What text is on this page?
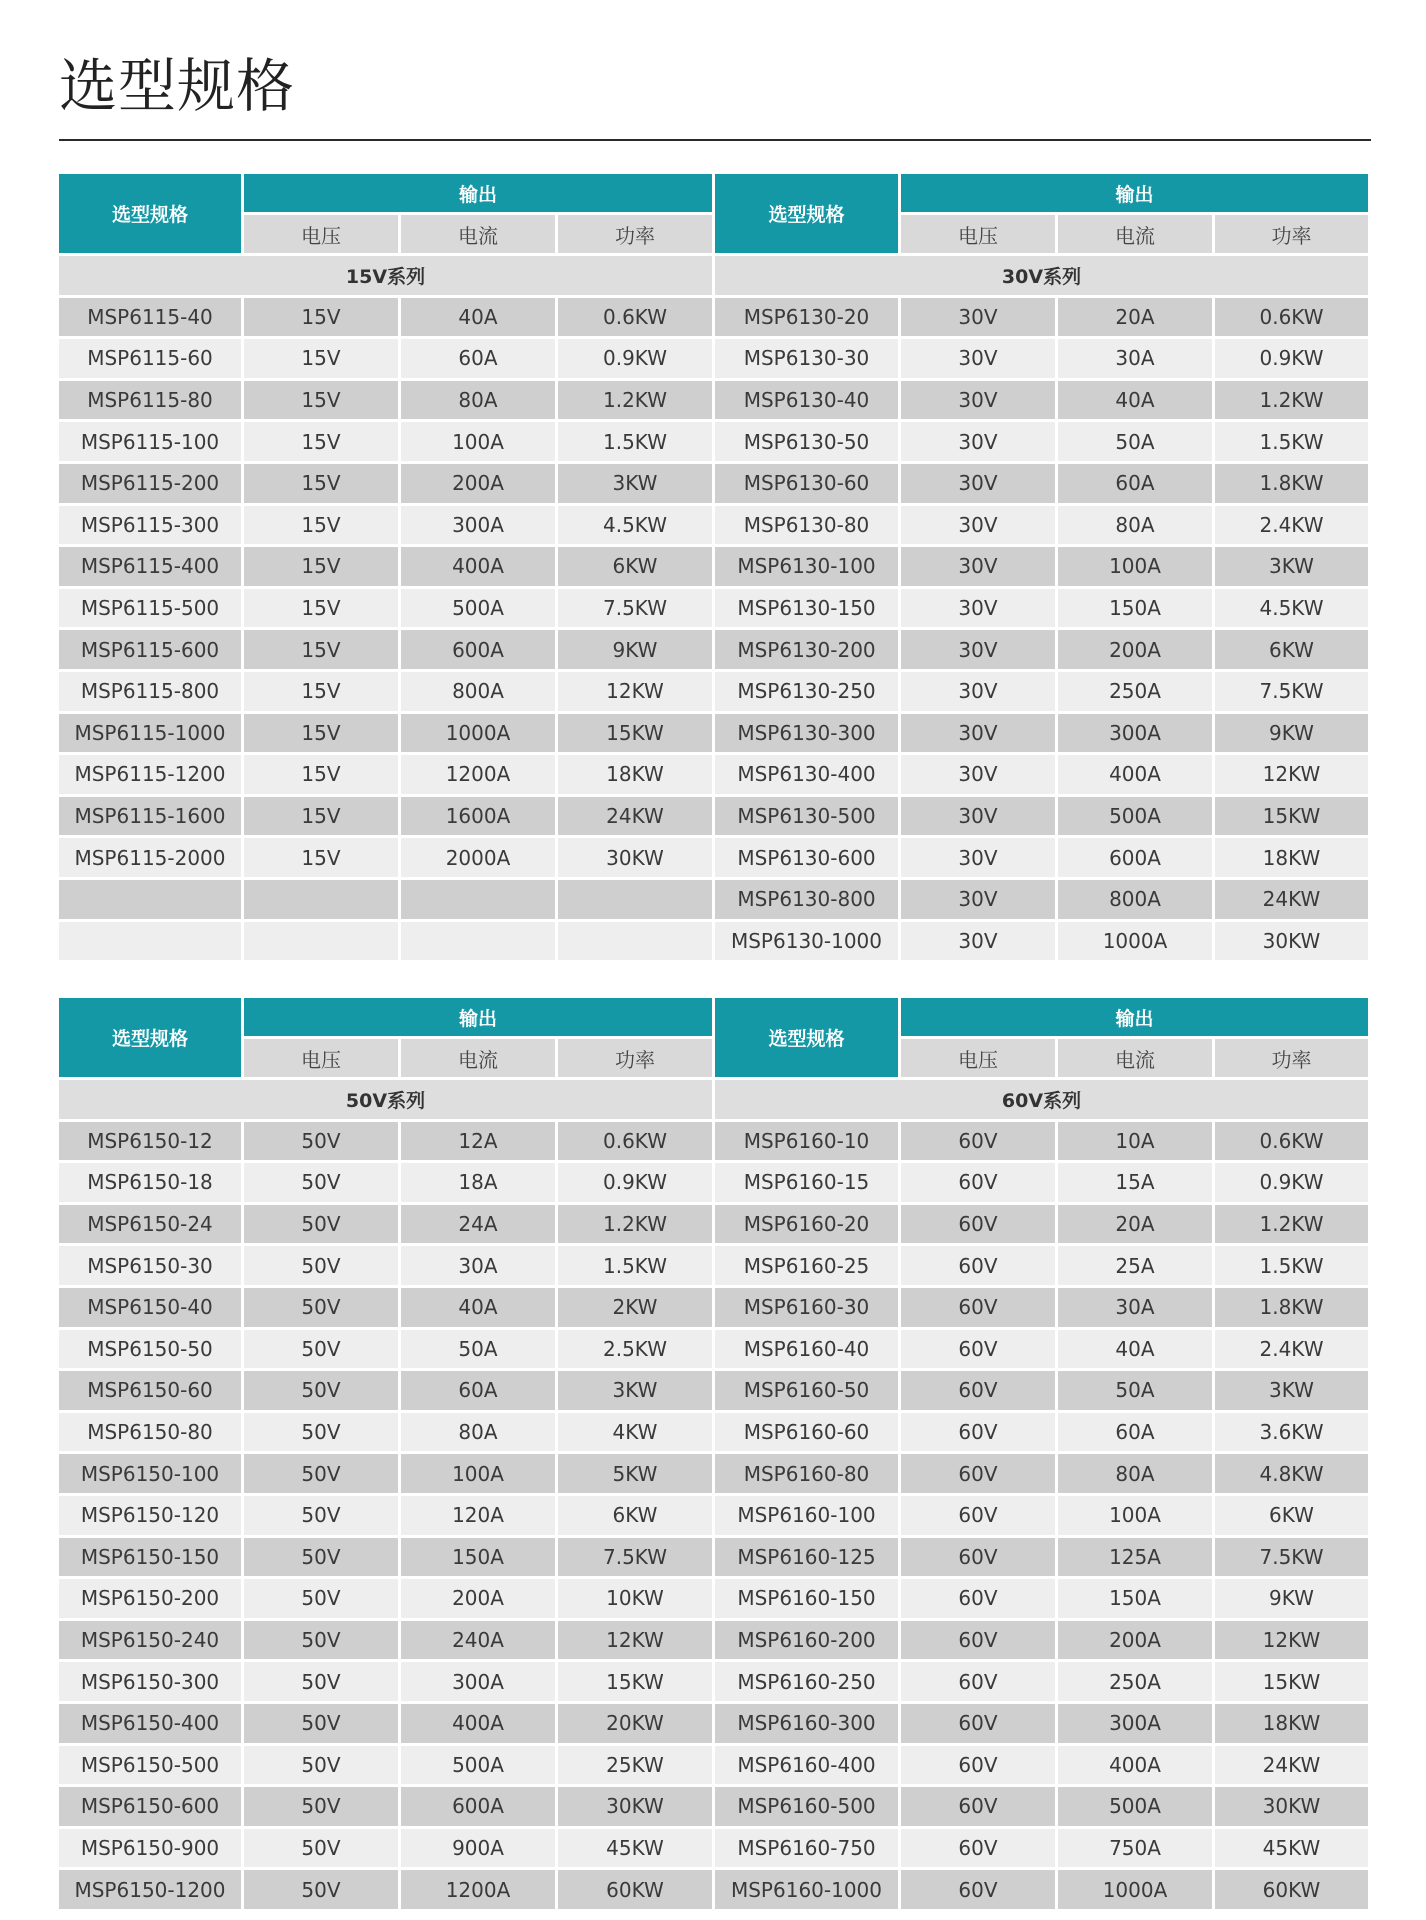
选型规格
选型规格
输出
电压	电流	功率
选型规格
输出
电压	电流	功率
15V系列	30V系列
MSP6115-40	15V	40A	0.6KW
MSP6115-60	15V	60A	0.9KW
MSP6115-80	15V	80A	1.2KW
MSP6115-100	15V	100A	1.5KW
MSP6115-200	15V	200A	3KW
MSP6115-300	15V	300A	4.5KW
MSP6115-400	15V	400A	6KW
MSP6115-500	15V	500A	7.5KW
MSP6115-600	15V	600A	9KW
MSP6115-800	15V	800A	12KW
MSP6115-1000	15V	1000A	15KW
MSP6115-1200	15V	1200A	18KW
MSP6115-1600	15V	1600A	24KW
MSP6115-2000	15V	2000A	30KW
MSP6130-20	30V	20A	0.6KW
MSP6130-30	30V	30A	0.9KW
MSP6130-40	30V	40A	1.2KW
MSP6130-50	30V	50A	1.5KW
MSP6130-60	30V	60A	1.8KW
MSP6130-80	30V	80A	2.4KW
MSP6130-100	30V	100A	3KW
MSP6130-150	30V	150A	4.5KW
MSP6130-200	30V	200A	6KW
MSP6130-250	30V	250A	7.5KW
MSP6130-300	30V	300A	9KW
MSP6130-400	30V	400A	12KW
MSP6130-500	30V	500A	15KW
MSP6130-600	30V	600A	18KW
MSP6130-800	30V	800A	24KW
MSP6130-1000	30V	1000A	30KW
选型规格
输出
电压	电流	功率
选型规格
输出
电压	电流	功率
50V系列	60V系列
MSP6150-12	50V	12A	0.6KW
MSP6150-18	50V	18A	0.9KW
MSP6150-24	50V	24A	1.2KW
MSP6150-30	50V	30A	1.5KW
MSP6150-40	50V	40A	2KW
MSP6150-50	50V	50A	2.5KW
MSP6150-60	50V	60A	3KW
MSP6150-80	50V	80A	4KW
MSP6150-100	50V	100A	5KW
MSP6150-120	50V	120A	6KW
MSP6150-150	50V	150A	7.5KW
MSP6150-200	50V	200A	10KW
MSP6150-240	50V	240A	12KW
MSP6150-300	50V	300A	15KW
MSP6150-400	50V	400A	20KW
MSP6150-500	50V	500A	25KW
MSP6150-600	50V	600A	30KW
MSP6150-900	50V	900A	45KW
MSP6150-1200	50V	1200A	60KW
MSP6160-10	60V	10A	0.6KW
MSP6160-15	60V	15A	0.9KW
MSP6160-20	60V	20A	1.2KW
MSP6160-25	60V	25A	1.5KW
MSP6160-30	60V	30A	1.8KW
MSP6160-40	60V	40A	2.4KW
MSP6160-50	60V	50A	3KW
MSP6160-60	60V	60A	3.6KW
MSP6160-80	60V	80A	4.8KW
MSP6160-100	60V	100A	6KW
MSP6160-125	60V	125A	7.5KW
MSP6160-150	60V	150A	9KW
MSP6160-200	60V	200A	12KW
MSP6160-250	60V	250A	15KW
MSP6160-300	60V	300A	18KW
MSP6160-400	60V	400A	24KW
MSP6160-500	60V	500A	30KW
MSP6160-750	60V	750A	45KW
MSP6160-1000	60V	1000A	60KW
